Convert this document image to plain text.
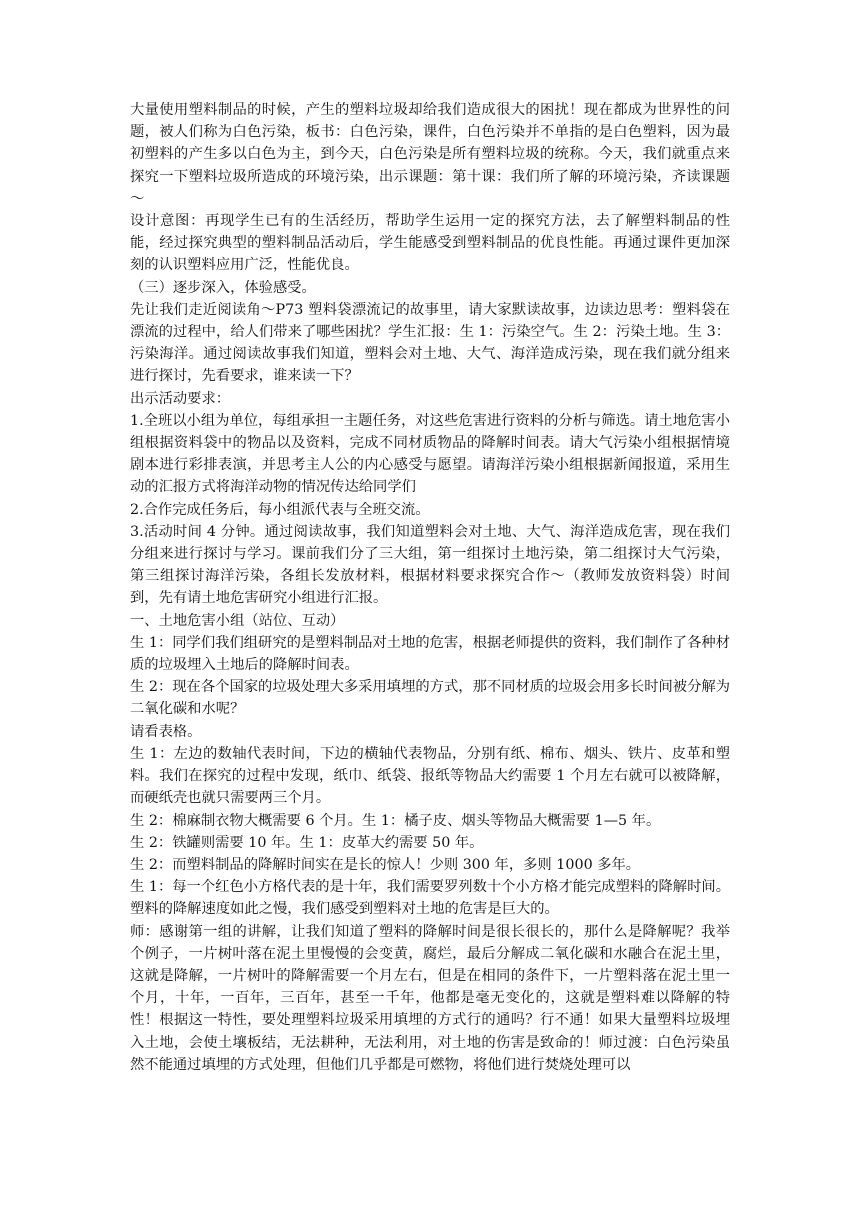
大量使用塑料制品的时候，产生的塑料垃圾却给我们造成很大的困扰！现在都成为世界性的问题，被人们称为白色污染，板书：白色污染，课件，白色污染并不单指的是白色塑料，因为最初塑料的产生多以白色为主，到今天，白色污染是所有塑料垃圾的统称。今天，我们就重点来探究一下塑料垃圾所造成的环境污染，出示课题：第十课：我们所了解的环境污染，齐读课题～

设计意图：再现学生已有的生活经历，帮助学生运用一定的探究方法，去了解塑料制品的性能，经过探究典型的塑料制品活动后，学生能感受到塑料制品的优良性能。再通过课件更加深刻的认识塑料应用广泛，性能优良。

（三）逐步深入，体验感受。

先让我们走近阅读角～P73 塑料袋漂流记的故事里，请大家默读故事，边读边思考：塑料袋在漂流的过程中，给人们带来了哪些困扰？学生汇报：生 1：污染空气。生 2：污染土地。生 3：污染海洋。通过阅读故事我们知道，塑料会对土地、大气、海洋造成污染，现在我们就分组来进行探讨，先看要求，谁来读一下？

出示活动要求：

1.全班以小组为单位，每组承担一主题任务，对这些危害进行资料的分析与筛选。请土地危害小组根据资料袋中的物品以及资料，完成不同材质物品的降解时间表。请大气污染小组根据情境剧本进行彩排表演，并思考主人公的内心感受与愿望。请海洋污染小组根据新闻报道，采用生动的汇报方式将海洋动物的情况传达给同学们

2.合作完成任务后，每小组派代表与全班交流。

3.活动时间 4 分钟。通过阅读故事，我们知道塑料会对土地、大气、海洋造成危害，现在我们分组来进行探讨与学习。课前我们分了三大组，第一组探讨土地污染，第二组探讨大气污染，第三组探讨海洋污染，各组长发放材料，根据材料要求探究合作～（教师发放资料袋）时间到，先有请土地危害研究小组进行汇报。

一、土地危害小组（站位、互动）

生 1：同学们我们组研究的是塑料制品对土地的危害，根据老师提供的资料，我们制作了各种材质的垃圾埋入土地后的降解时间表。

生 2：现在各个国家的垃圾处理大多采用填埋的方式，那不同材质的垃圾会用多长时间被分解为二氧化碳和水呢？

请看表格。

生 1：左边的数轴代表时间，下边的横轴代表物品，分别有纸、棉布、烟头、铁片、皮革和塑料。我们在探究的过程中发现，纸巾、纸袋、报纸等物品大约需要 1 个月左右就可以被降解，而硬纸壳也就只需要两三个月。

生 2：棉麻制衣物大概需要 6 个月。生 1：橘子皮、烟头等物品大概需要 1—5 年。

生 2：铁罐则需要 10 年。生 1：皮革大约需要 50 年。

生 2：而塑料制品的降解时间实在是长的惊人！少则 300 年，多则 1000 多年。

生 1：每一个红色小方格代表的是十年，我们需要罗列数十个小方格才能完成塑料的降解时间。塑料的降解速度如此之慢，我们感受到塑料对土地的危害是巨大的。

师：感谢第一组的讲解，让我们知道了塑料的降解时间是很长很长的，那什么是降解呢？我举个例子，一片树叶落在泥土里慢慢的会变黄，腐烂，最后分解成二氧化碳和水融合在泥土里，这就是降解，一片树叶的降解需要一个月左右，但是在相同的条件下，一片塑料落在泥土里一个月，十年，一百年，三百年，甚至一千年，他都是毫无变化的，这就是塑料难以降解的特性！根据这一特性，要处理塑料垃圾采用填埋的方式行的通吗？行不通！如果大量塑料垃圾埋入土地，会使土壤板结，无法耕种，无法利用，对土地的伤害是致命的！师过渡：白色污染虽然不能通过填埋的方式处理，但他们几乎都是可燃物，将他们进行焚烧处理可以
